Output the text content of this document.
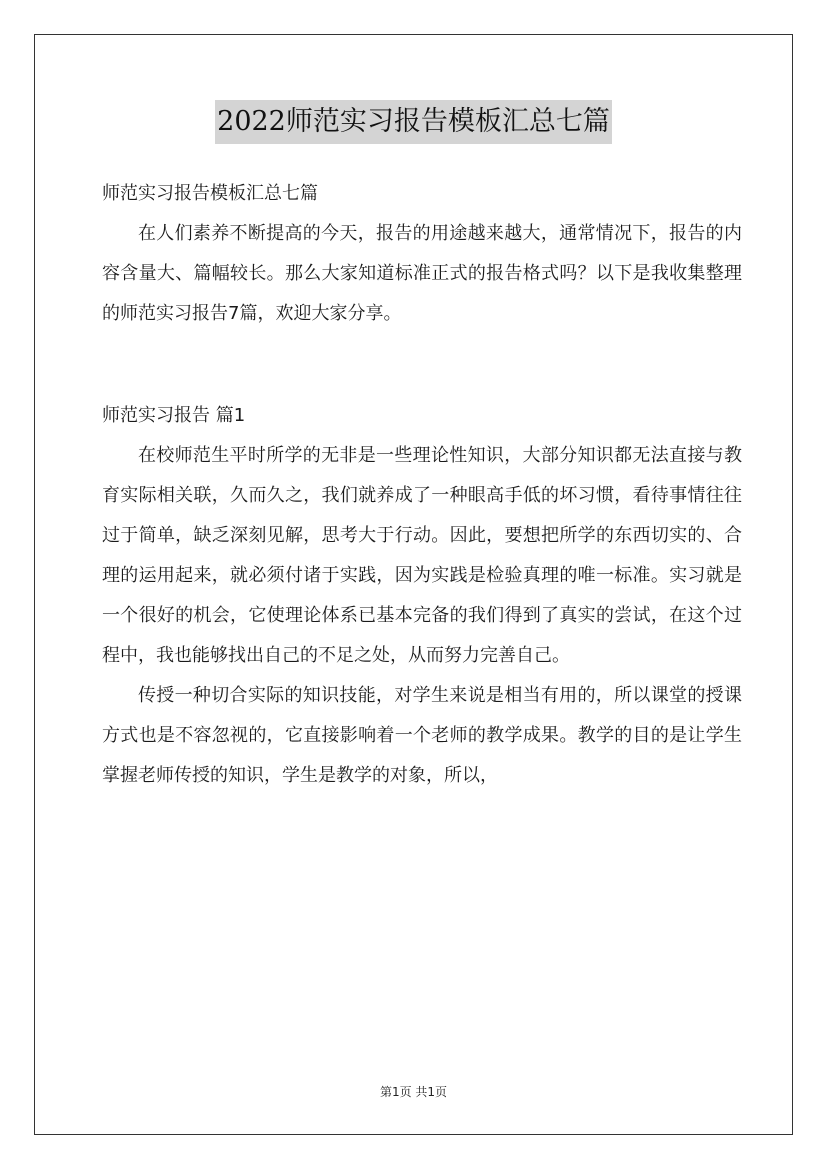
2022师范实习报告模板汇总七篇

师范实习报告模板汇总七篇

在人们素养不断提高的今天，报告的用途越来越大，通常情况下，报告的内容含量大、篇幅较长。那么大家知道标准正式的报告格式吗？以下是我收集整理的师范实习报告7篇，欢迎大家分享。

师范实习报告 篇1

在校师范生平时所学的无非是一些理论性知识，大部分知识都无法直接与教育实际相关联，久而久之，我们就养成了一种眼高手低的坏习惯，看待事情往往过于简单，缺乏深刻见解，思考大于行动。因此，要想把所学的东西切实的、合理的运用起来，就必须付诸于实践，因为实践是检验真理的唯一标准。实习就是一个很好的机会，它使理论体系已基本完备的我们得到了真实的尝试，在这个过程中，我也能够找出自己的不足之处，从而努力完善自己。

传授一种切合实际的知识技能，对学生来说是相当有用的，所以课堂的授课方式也是不容忽视的，它直接影响着一个老师的教学成果。教学的目的是让学生掌握老师传授的知识，学生是教学的对象，所以，

第1页 共1页
